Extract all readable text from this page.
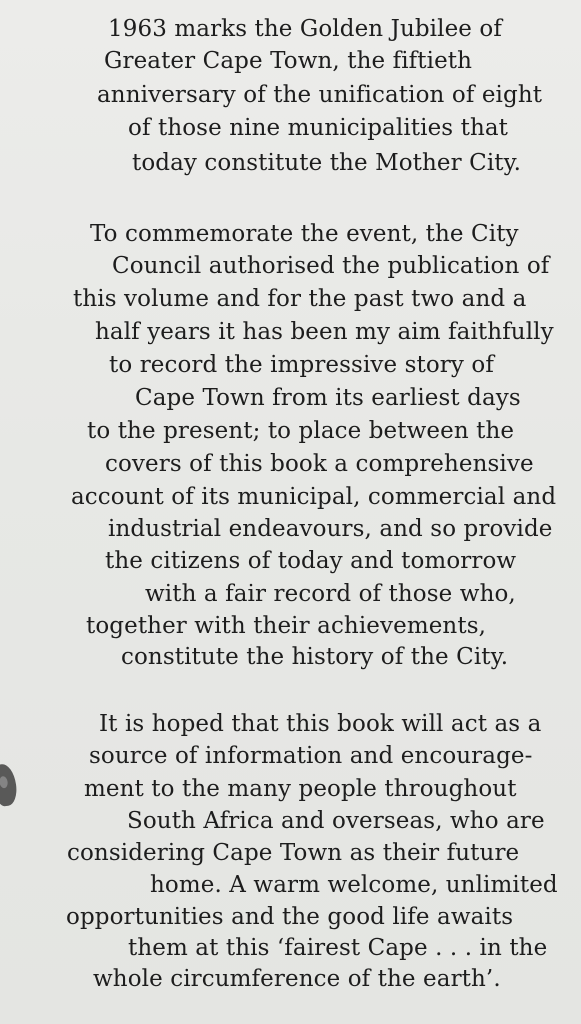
1963 marks the Golden Jubilee of
Greater Cape Town, the fiftieth
anniversary of the unification of eight
of those nine municipalities that
today constitute the Mother City.
To commemorate the event, the City
Council authorised the publication of
this volume and for the past two and a
half years it has been my aim faithfully
to record the impressive story of
Cape Town from its earliest days
to the present; to place between the
covers of this book a comprehensive
account of its municipal, commercial and
industrial endeavours, and so provide
the citizens of today and tomorrow
with a fair record of those who,
together with their achievements,
constitute the history of the City.
It is hoped that this book will act as a
source of information and encourage-
ment to the many people throughout
South Africa and overseas, who are
considering Cape Town as their future
home. A warm welcome, unlimited
opportunities and the good life awaits
them at this ‘fairest Cape . . . in the
whole circumference of the earth’.
